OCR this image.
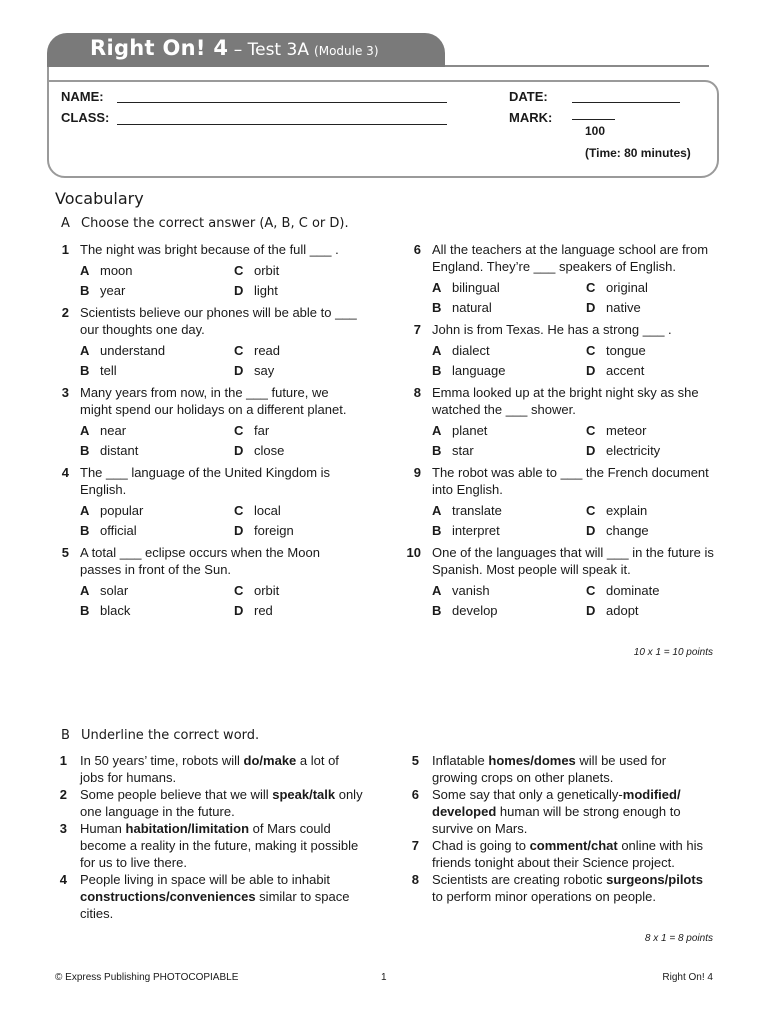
Right On! 4 – Test 3A (Module 3)
NAME:
CLASS:
DATE:
MARK:
100
(Time: 80 minutes)
Vocabulary
A Choose the correct answer (A, B, C or D).
1 The night was bright because of the full ___ .
A moon	C orbit
B year	D light
2 Scientists believe our phones will be able to ___
our thoughts one day.
A understand	C read
B tell	D say
3 Many years from now, in the ___ future, we
might spend our holidays on a different planet.
A near	C far
B distant	D close
4 The ___ language of the United Kingdom is
English.
A popular	C local
B official	D foreign
5 A total ___ eclipse occurs when the Moon
passes in front of the Sun.
A solar	C orbit
B black	D red
6 All the teachers at the language school are from
England. They’re ___ speakers of English.
A bilingual	C original
B natural	D native
7 John is from Texas. He has a strong ___ .
A dialect	C tongue
B language	D accent
8 Emma looked up at the bright night sky as she
watched the ___ shower.
A planet	C meteor
B star	D electricity
9 The robot was able to ___ the French document
into English.
A translate	C explain
B interpret	D change
10 One of the languages that will ___ in the future is
Spanish. Most people will speak it.
A vanish	C dominate
B develop	D adopt
10 x 1 = 10 points
B Underline the correct word.
1 In 50 years’ time, robots will do/make a lot of
jobs for humans.
2 Some people believe that we will speak/talk only
one language in the future.
3 Human habitation/limitation of Mars could
become a reality in the future, making it possible
for us to live there.
4 People living in space will be able to inhabit
constructions/conveniences similar to space
cities.
5 Inflatable homes/domes will be used for
growing crops on other planets.
6 Some say that only a genetically-modified/
developed human will be strong enough to
survive on Mars.
7 Chad is going to comment/chat online with his
friends tonight about their Science project.
8 Scientists are creating robotic surgeons/pilots
to perform minor operations on people.
8 x 1 = 8 points
© Express Publishing PHOTOCOPIABLE	1	Right On! 4
